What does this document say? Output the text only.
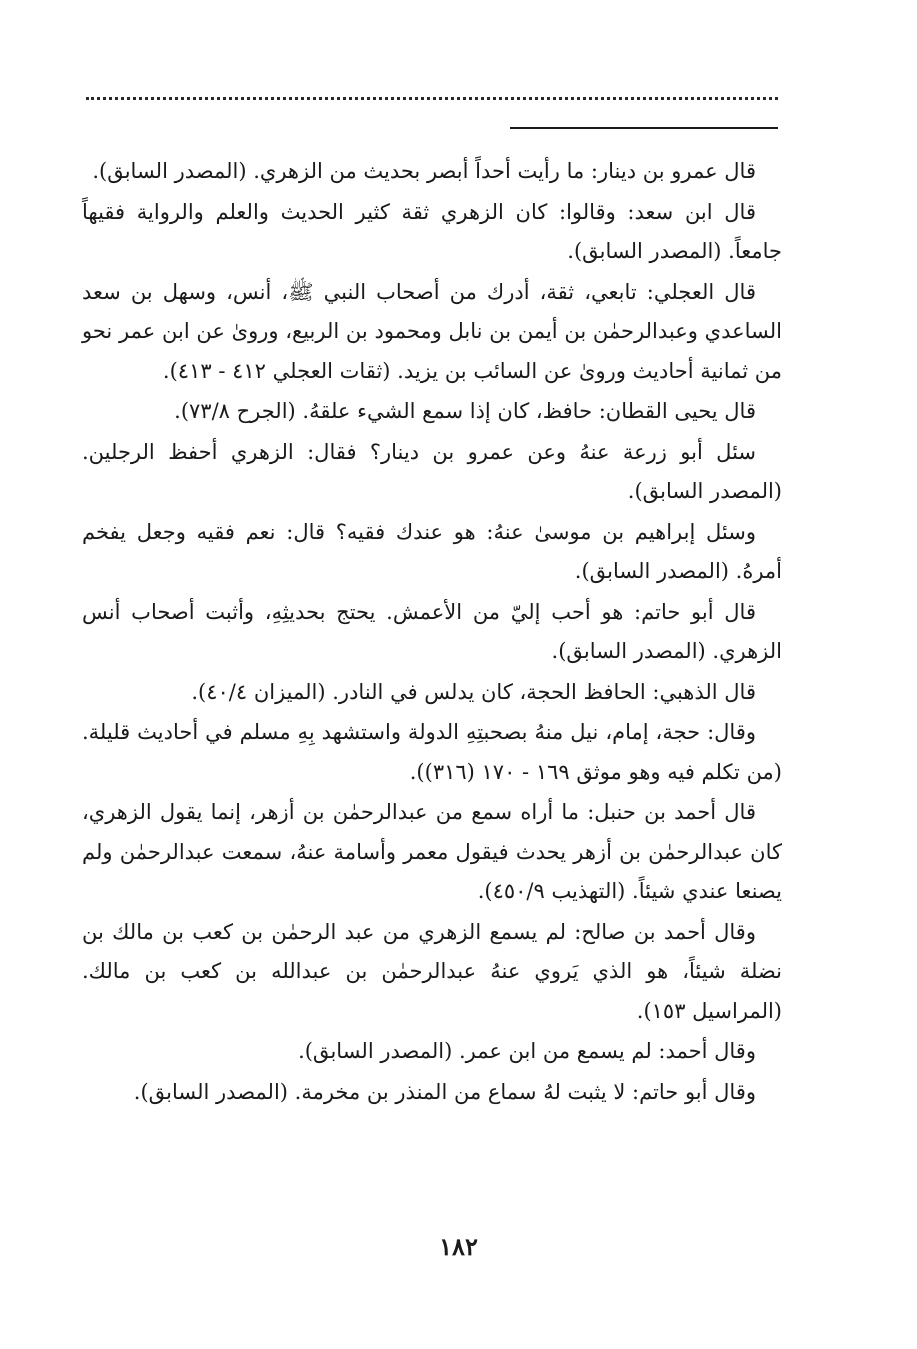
قال عمرو بن دينار: ما رأيت أحداً أبصر بحديث من الزهري. (المصدر السابق).

قال ابن سعد: وقالوا: كان الزهري ثقة كثير الحديث والعلم والرواية فقيهاً جامعاً. (المصدر السابق).

قال العجلي: تابعي، ثقة، أدرك من أصحاب النبي ﷺ، أنس، وسهل بن سعد الساعدي وعبدالرحمٰن بن أيمن بن نابل ومحمود بن الربيع، وروىٰ عن ابن عمر نحو من ثمانية أحاديث وروىٰ عن السائب بن يزيد. (ثقات العجلي ٤١٢ - ٤١٣).

قال يحيى القطان: حافظ، كان إذا سمع الشيء علقهُ. (الجرح ٧٣/٨).

سئل أبو زرعة عنهُ وعن عمرو بن دينار؟ فقال: الزهري أحفظ الرجلين. (المصدر السابق).

وسئل إبراهيم بن موسىٰ عنهُ: هو عندك فقيه؟ قال: نعم فقيه وجعل يفخم أمرهُ. (المصدر السابق).

قال أبو حاتم: هو أحب إليّ من الأعمش. يحتج بحديثِهِ، وأثبت أصحاب أنس الزهري. (المصدر السابق).

قال الذهبي: الحافظ الحجة، كان يدلس في النادر. (الميزان ٤٠/٤).

وقال: حجة، إمام، نيل منهُ بصحبتِهِ الدولة واستشهد بِهِ مسلم في أحاديث قليلة. (من تكلم فيه وهو موثق ١٦٩ - ١٧٠ (٣١٦)).

قال أحمد بن حنبل: ما أراه سمع من عبدالرحمٰن بن أزهر، إنما يقول الزهري، كان عبدالرحمٰن بن أزهر يحدث فيقول معمر وأسامة عنهُ، سمعت عبدالرحمٰن ولم يصنعا عندي شيئاً. (التهذيب ٤٥٠/٩).

وقال أحمد بن صالح: لم يسمع الزهري من عبد الرحمٰن بن كعب بن مالك بن نضلة شيئاً، هو الذي يَروي عنهُ عبدالرحمٰن بن عبدالله بن كعب بن مالك. (المراسيل ١٥٣).

وقال أحمد: لم يسمع من ابن عمر. (المصدر السابق).

وقال أبو حاتم: لا يثبت لهُ سماع من المنذر بن مخرمة. (المصدر السابق).

١٨٢
